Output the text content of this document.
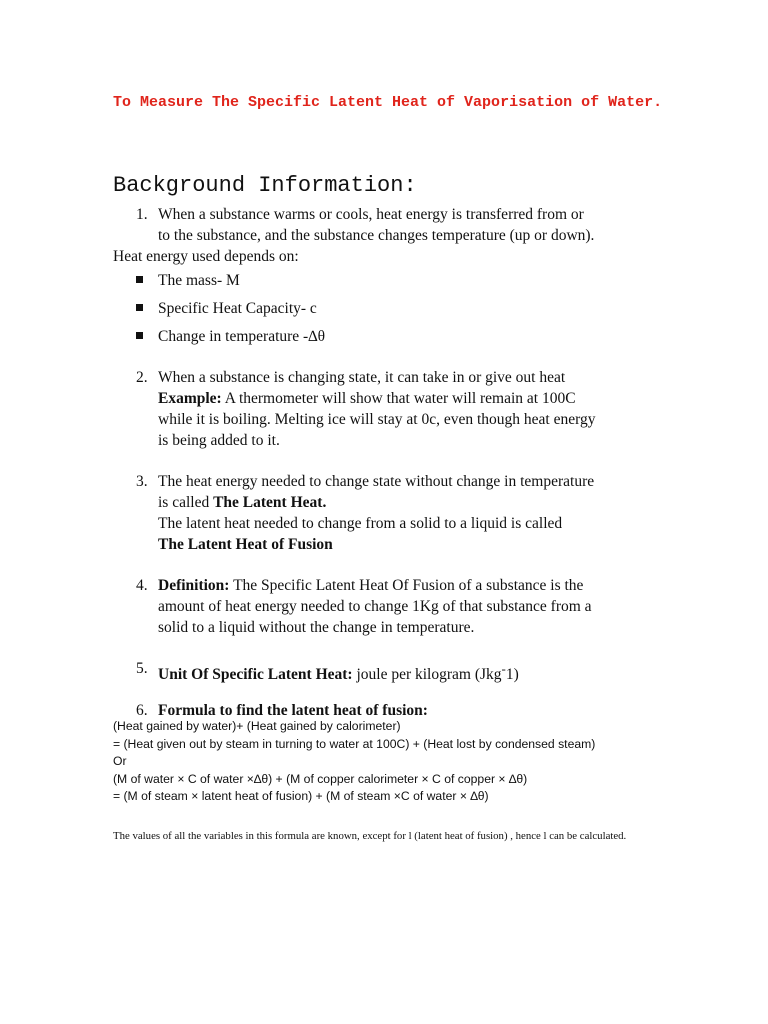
To Measure The Specific Latent Heat of Vaporisation of Water.
Background Information:
1. When a substance warms or cools, heat energy is transferred from or
to the substance, and the substance changes temperature (up or down).
Heat energy used depends on:
The mass- M
Specific Heat Capacity- c
Change in temperature -∆θ
2. When a substance is changing state, it can take in or give out heat
Example: A thermometer will show that water will remain at 100C
while it is boiling. Melting ice will stay at 0c, even though heat energy
is being added to it.
3. The heat energy needed to change state without change in temperature
is called The Latent Heat.
The latent heat needed to change from a solid to a liquid is called
The Latent Heat of Fusion
4. Definition: The Specific Latent Heat Of Fusion of a substance is the
amount of heat energy needed to change 1Kg of that substance from a
solid to a liquid without the change in temperature.
5. Unit Of Specific Latent Heat: joule per kilogram (Jkg-1)
6. Formula to find the latent heat of fusion:
(Heat gained by water)+ (Heat gained by calorimeter)
= (Heat given out by steam in turning to water at 100C) + (Heat lost by condensed steam)
Or
(M of water × C of water ×∆θ) + (M of copper calorimeter × C of copper × ∆θ)
= (M of steam × latent heat of fusion) + (M of steam ×C of water × ∆θ)
The values of all the variables in this formula are known, except for l (latent heat of fusion) , hence l can be calculated.
